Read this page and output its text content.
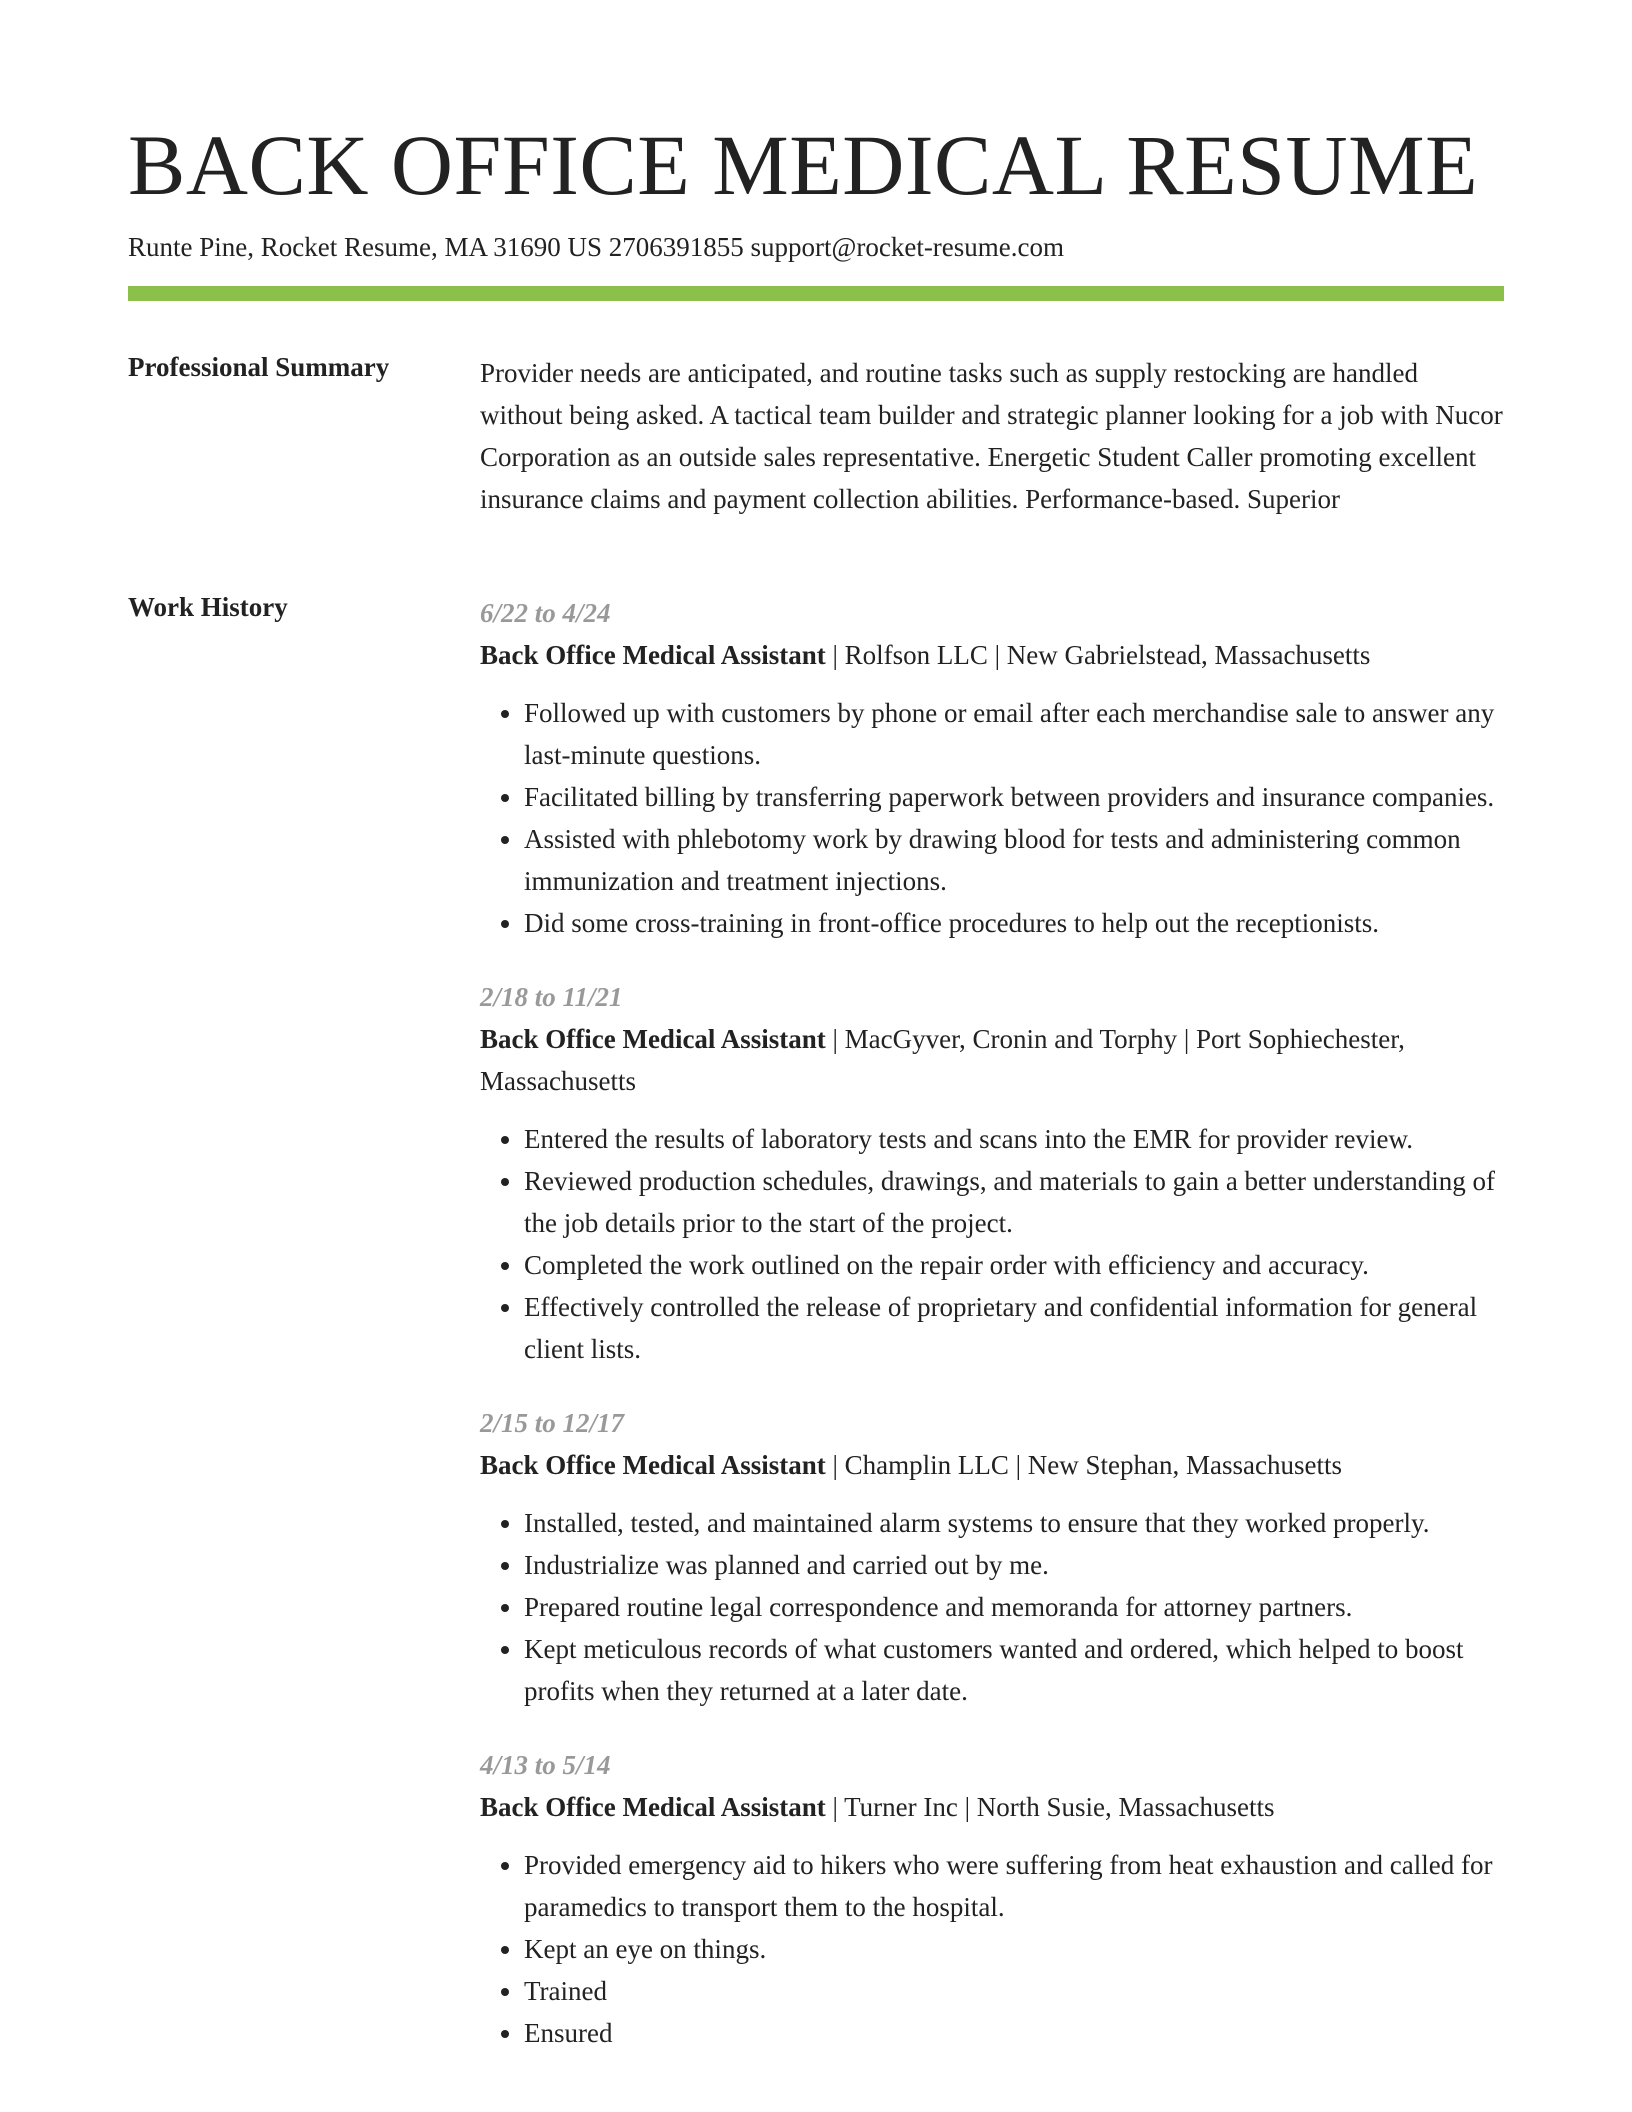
BACK OFFICE MEDICAL RESUME
Runte Pine, Rocket Resume, MA 31690 US 2706391855 support@rocket-resume.com
Professional Summary	Provider needs are anticipated, and routine tasks such as supply restocking are handled without being asked. A tactical team builder and strategic planner looking for a job with Nucor Corporation as an outside sales representative. Energetic Student Caller promoting excellent insurance claims and payment collection abilities. Performance-based. Superior

Work History	6/22 to 4/24
Back Office Medical Assistant | Rolfson LLC | New Gabrielstead, Massachusetts
• Followed up with customers by phone or email after each merchandise sale to answer any last-minute questions.
• Facilitated billing by transferring paperwork between providers and insurance companies.
• Assisted with phlebotomy work by drawing blood for tests and administering common immunization and treatment injections.
• Did some cross-training in front-office procedures to help out the receptionists.
2/18 to 11/21
Back Office Medical Assistant | MacGyver, Cronin and Torphy | Port Sophiechester, Massachusetts
• Entered the results of laboratory tests and scans into the EMR for provider review.
• Reviewed production schedules, drawings, and materials to gain a better understanding of the job details prior to the start of the project.
• Completed the work outlined on the repair order with efficiency and accuracy.
• Effectively controlled the release of proprietary and confidential information for general client lists.
2/15 to 12/17
Back Office Medical Assistant | Champlin LLC | New Stephan, Massachusetts
• Installed, tested, and maintained alarm systems to ensure that they worked properly.
• Industrialize was planned and carried out by me.
• Prepared routine legal correspondence and memoranda for attorney partners.
• Kept meticulous records of what customers wanted and ordered, which helped to boost profits when they returned at a later date.
4/13 to 5/14
Back Office Medical Assistant | Turner Inc | North Susie, Massachusetts
• Provided emergency aid to hikers who were suffering from heat exhaustion and called for paramedics to transport them to the hospital.
• Kept an eye on things.
• Trained
• Ensured
